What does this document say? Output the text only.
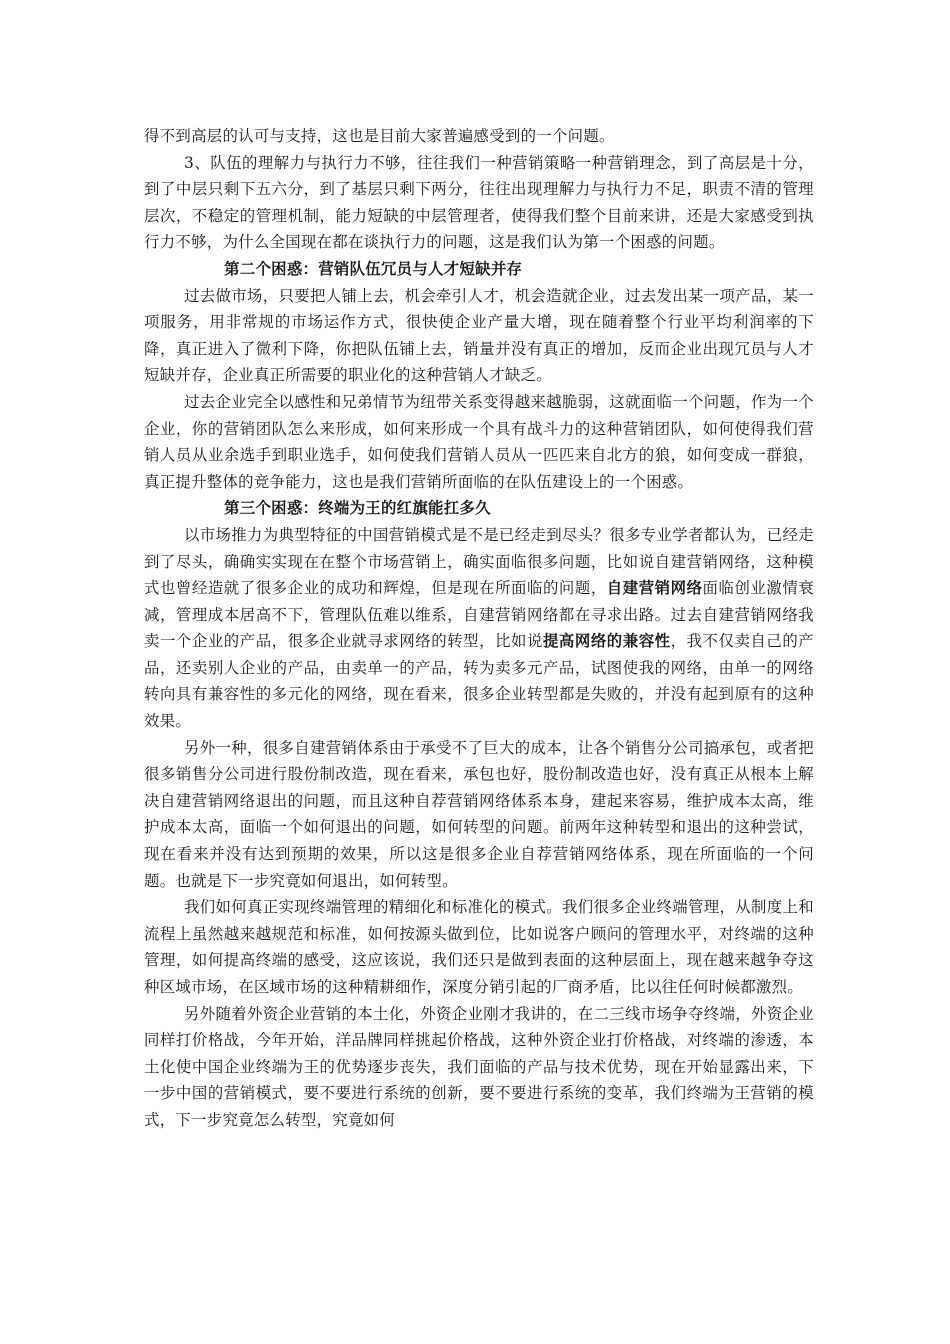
得不到高层的认可与支持，这也是目前大家普遍感受到的一个问题。

3、队伍的理解力与执行力不够，往往我们一种营销策略一种营销理念，到了高层是十分，到了中层只剩下五六分，到了基层只剩下两分，往往出现理解力与执行力不足，职责不清的管理层次，不稳定的管理机制，能力短缺的中层管理者，使得我们整个目前来讲，还是大家感受到执行力不够，为什么全国现在都在谈执行力的问题，这是我们认为第一个困惑的问题。

第二个困惑：营销队伍冗员与人才短缺并存

过去做市场，只要把人铺上去，机会牵引人才，机会造就企业，过去发出某一项产品，某一项服务，用非常规的市场运作方式，很快使企业产量大增，现在随着整个行业平均利润率的下降，真正进入了微利下降，你把队伍铺上去，销量并没有真正的增加，反而企业出现冗员与人才短缺并存，企业真正所需要的职业化的这种营销人才缺乏。

过去企业完全以感性和兄弟情节为纽带关系变得越来越脆弱，这就面临一个问题，作为一个企业，你的营销团队怎么来形成，如何来形成一个具有战斗力的这种营销团队，如何使得我们营销人员从业余选手到职业选手，如何使我们营销人员从一匹匹来自北方的狼，如何变成一群狼，真正提升整体的竞争能力，这也是我们营销所面临的在队伍建设上的一个困惑。

第三个困惑：终端为王的红旗能扛多久

以市场推力为典型特征的中国营销模式是不是已经走到尽头？很多专业学者都认为，已经走到了尽头，确确实实现在在整个市场营销上，确实面临很多问题，比如说自建营销网络，这种模式也曾经造就了很多企业的成功和辉煌，但是现在所面临的问题，自建营销网络面临创业激情衰减，管理成本居高不下，管理队伍难以维系，自建营销网络都在寻求出路。过去自建营销网络我卖一个企业的产品，很多企业就寻求网络的转型，比如说提高网络的兼容性，我不仅卖自己的产品，还卖别人企业的产品，由卖单一的产品，转为卖多元产品，试图使我的网络，由单一的网络转向具有兼容性的多元化的网络，现在看来，很多企业转型都是失败的，并没有起到原有的这种效果。

另外一种，很多自建营销体系由于承受不了巨大的成本，让各个销售分公司搞承包，或者把很多销售分公司进行股份制改造，现在看来，承包也好，股份制改造也好，没有真正从根本上解决自建营销网络退出的问题，而且这种自荐营销网络体系本身，建起来容易，维护成本太高，维护成本太高，面临一个如何退出的问题，如何转型的问题。前两年这种转型和退出的这种尝试，现在看来并没有达到预期的效果，所以这是很多企业自荐营销网络体系，现在所面临的一个问题。也就是下一步究竟如何退出，如何转型。

我们如何真正实现终端管理的精细化和标准化的模式。我们很多企业终端管理，从制度上和流程上虽然越来越规范和标准，如何按源头做到位，比如说客户顾问的管理水平，对终端的这种管理，如何提高终端的感受，这应该说，我们还只是做到表面的这种层面上，现在越来越争夺这种区域市场，在区域市场的这种精耕细作，深度分销引起的厂商矛盾，比以往任何时候都激烈。

另外随着外资企业营销的本土化，外资企业刚才我讲的，在二三线市场争夺终端，外资企业同样打价格战，今年开始，洋品牌同样挑起价格战，这种外资企业打价格战，对终端的渗透，本土化使中国企业终端为王的优势逐步丧失，我们面临的产品与技术优势，现在开始显露出来，下一步中国的营销模式，要不要进行系统的创新，要不要进行系统的变革，我们终端为王营销的模式，下一步究竟怎么转型，究竟如何
